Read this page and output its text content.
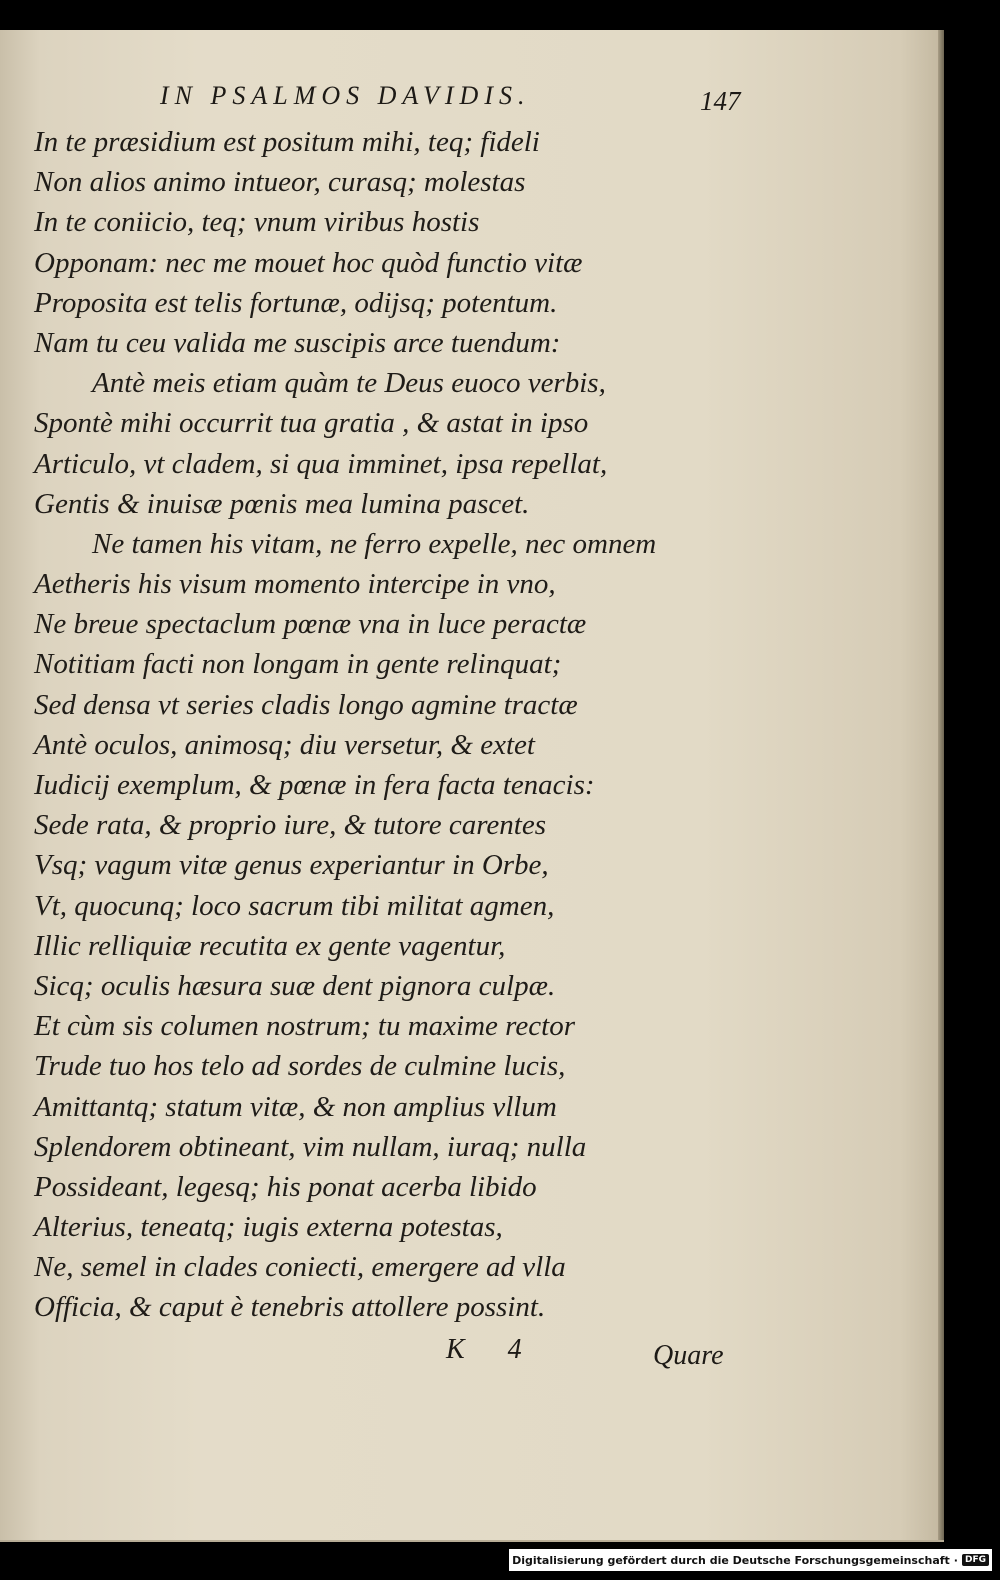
IN PSALMOS DAVIDIS.	147
In te præsidium est positum mihi, teq; fideli
Non alios animo intueor, curasq; molestas
In te coniicio, teq; vnum viribus hostis
Opponam: nec me mouet hoc quòd functio vitæ
Proposita est telis fortunæ, odijsq; potentum.
Nam tu ceu valida me suscipis arce tuendum:
Antè meis etiam quàm te Deus euoco verbis,
Spontè mihi occurrit tua gratia , & astat in ipso
Articulo, vt cladem, si qua imminet, ipsa repellat,
Gentis & inuisæ pœnis mea lumina pascet.
Ne tamen his vitam, ne ferro expelle, nec omnem
Aetheris his visum momento intercipe in vno,
Ne breue spectaclum pœnæ vna in luce peractæ
Notitiam facti non longam in gente relinquat;
Sed densa vt series cladis longo agmine tractæ
Antè oculos, animosq; diu versetur, & extet
Iudicij exemplum, & pœnæ in fera facta tenacis:
Sede rata, & proprio iure, & tutore carentes
Vsq; vagum vitæ genus experiantur in Orbe,
Vt, quocunq; loco sacrum tibi militat agmen,
Illic relliquiæ recutita ex gente vagentur,
Sicq; oculis hæsura suæ dent pignora culpæ.
Et cùm sis columen nostrum; tu maxime rector
Trude tuo hos telo ad sordes de culmine lucis,
Amittantq; statum vitæ, & non amplius vllum
Splendorem obtineant, vim nullam, iuraq; nulla
Possideant, legesq; his ponat acerba libido
Alterius, teneatq; iugis externa potestas,
Ne, semel in clades coniecti, emergere ad vlla
Officia, & caput è tenebris attollere possint.
K 4	Quare
Digitalisierung gefördert durch die Deutsche Forschungsgemeinschaft · DFG
